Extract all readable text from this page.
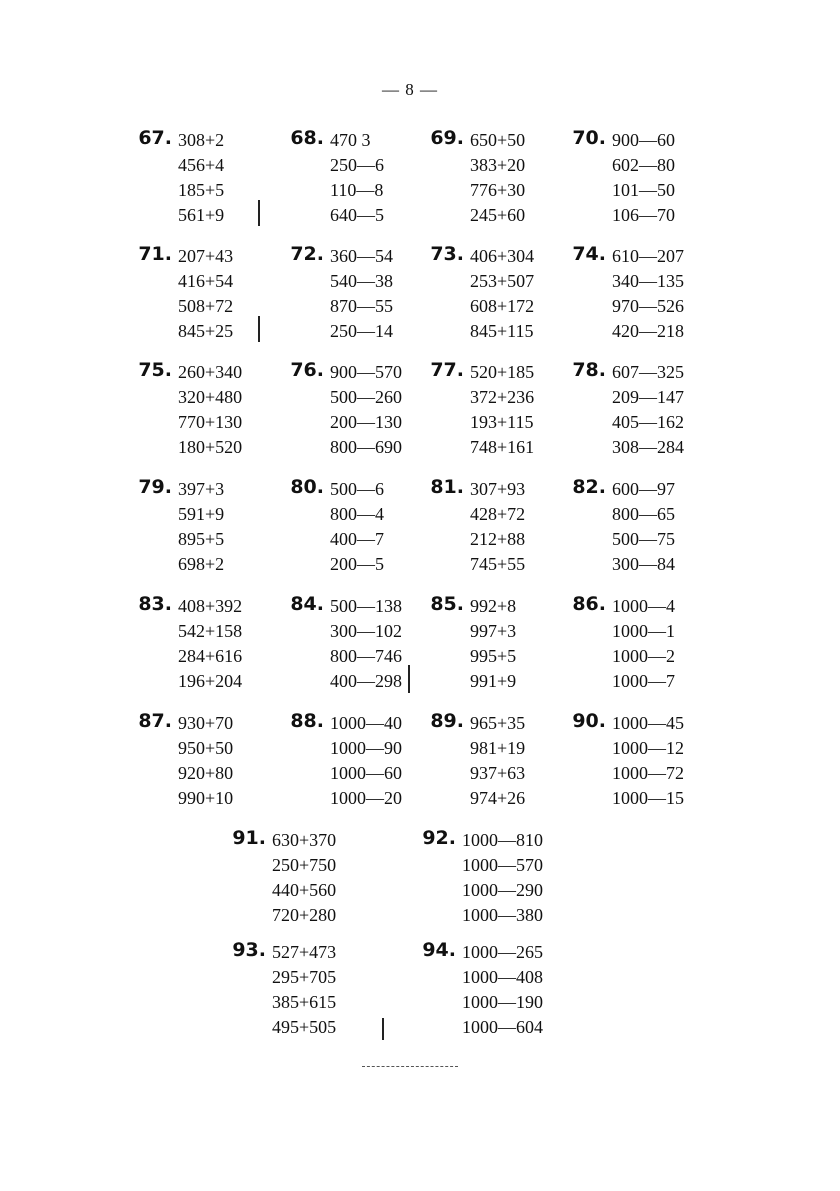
— 8 —
67. 308+2
456+4
185+5
561+9
68. 470 3
250—6
110—8
640—5
69. 650+50
383+20
776+30
245+60
70. 900—60
602—80
101—50
106—70
71. 207+43
416+54
508+72
845+25
72. 360—54
540—38
870—55
250—14
73. 406+304
253+507
608+172
845+115
74. 610—207
340—135
970—526
420—218
75. 260+340
320+480
770+130
180+520
76. 900—570
500—260
200—130
800—690
77. 520+185
372+236
193+115
748+161
78. 607—325
209—147
405—162
308—284
79. 397+3
591+9
895+5
698+2
80. 500—6
800—4
400—7
200—5
81. 307+93
428+72
212+88
745+55
82. 600—97
800—65
500—75
300—84
83. 408+392
542+158
284+616
196+204
84. 500—138
300—102
800—746
400—298
85. 992+8
997+3
995+5
991+9
86. 1000—4
1000—1
1000—2
1000—7
87. 930+70
950+50
920+80
990+10
88. 1000—40
1000—90
1000—60
1000—20
89. 965+35
981+19
937+63
974+26
90. 1000—45
1000—12
1000—72
1000—15
91. 630+370
250+750
440+560
720+280
92. 1000—810
1000—570
1000—290
1000—380
93. 527+473
295+705
385+615
495+505
94. 1000—265
1000—408
1000—190
1000—604
